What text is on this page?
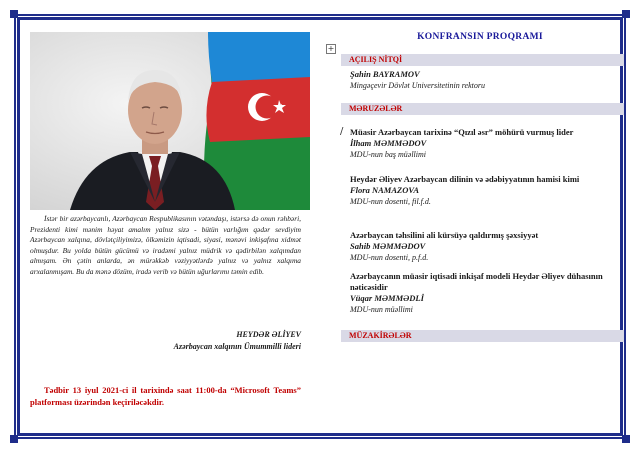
İstər bir azərbaycanlı, Azərbaycan Respublikasının vətəndaşı, istərsə də onun rəhbəri, Prezidenti kimi mənim həyat amalım yalnız sizə - bütün varlığım qədər sevdiyim Azərbaycan xalqına, dövlətçiliyimizə, ölkəmizin iqtisadi, siyasi, mənəvi inkişafına xidmət olmuşdur. Bu yolda bütün gücümü və iradəmi yalnız müdrik və qədirbilən xalqımdan almışam. Ən çətin anlarda, ən mürəkkəb vəziyyətlərdə yalnız və yalnız xalqıma arxalanmışam. Bu da mənə dözüm, iradə verib və bütün uğurlarımı təmin edib.

HEYDƏR ƏLİYEV
Azərbaycan xalqının Ümummilli lideri

Tədbir 13 iyul 2021-ci il tarixində saat 11:00-da “Microsoft Teams” platforması üzərindən keçiriləcəkdir.

KONFRANSIN PROQRAMI
+
AÇILIŞ NİTQİ
Şahin BAYRAMOV
Mingəçevir Dövlət Universitetinin rektoru
MƏRUZƏLƏR
/ Müasir Azərbaycan tarixinə “Qızıl əsr” möhürü vurmuş lider
İlham MƏMMƏDOV
MDU-nun baş müəllimi
Heydər Əliyev Azərbaycan dilinin və ədəbiyyatının hamisi kimi
Flora NAMAZOVA
MDU-nun dosenti, fil.f.d.
Azərbaycan təhsilini ali kürsüyə qaldırmış şəxsiyyət
Sahib MƏMMƏDOV
MDU-nun dosenti, p.f.d.
Azərbaycanın müasir iqtisadi inkişaf modeli Heydər Əliyev dühasının nəticəsidir
Vüqar MƏMMƏDLİ
MDU-nun müəllimi
MÜZAKİRƏLƏR
